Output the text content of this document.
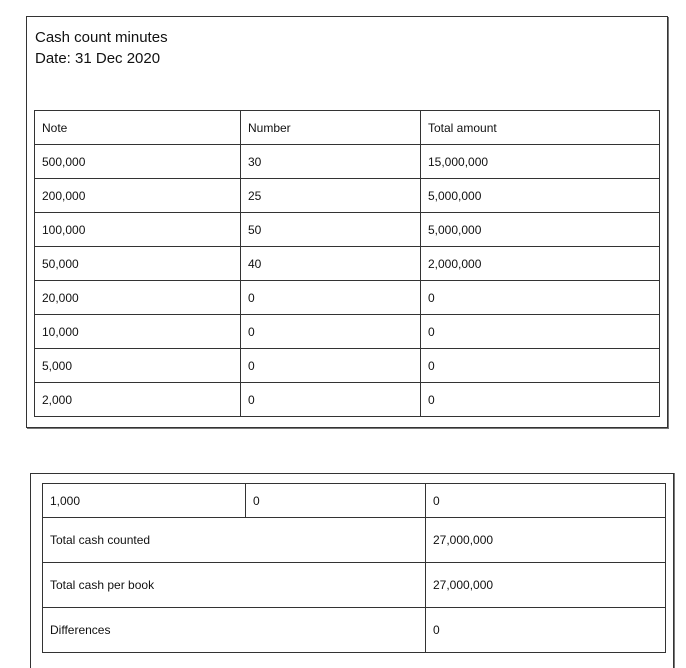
Cash count minutes
Date: 31 Dec 2020
Note	Number	Total amount
500,000	30	15,000,000
200,000	25	5,000,000
100,000	50	5,000,000
50,000	40	2,000,000
20,000	0	0
10,000	0	0
5,000	0	0
2,000	0	0
1,000	0	0
Total cash counted		27,000,000
Total cash per book		27,000,000
Differences		0
